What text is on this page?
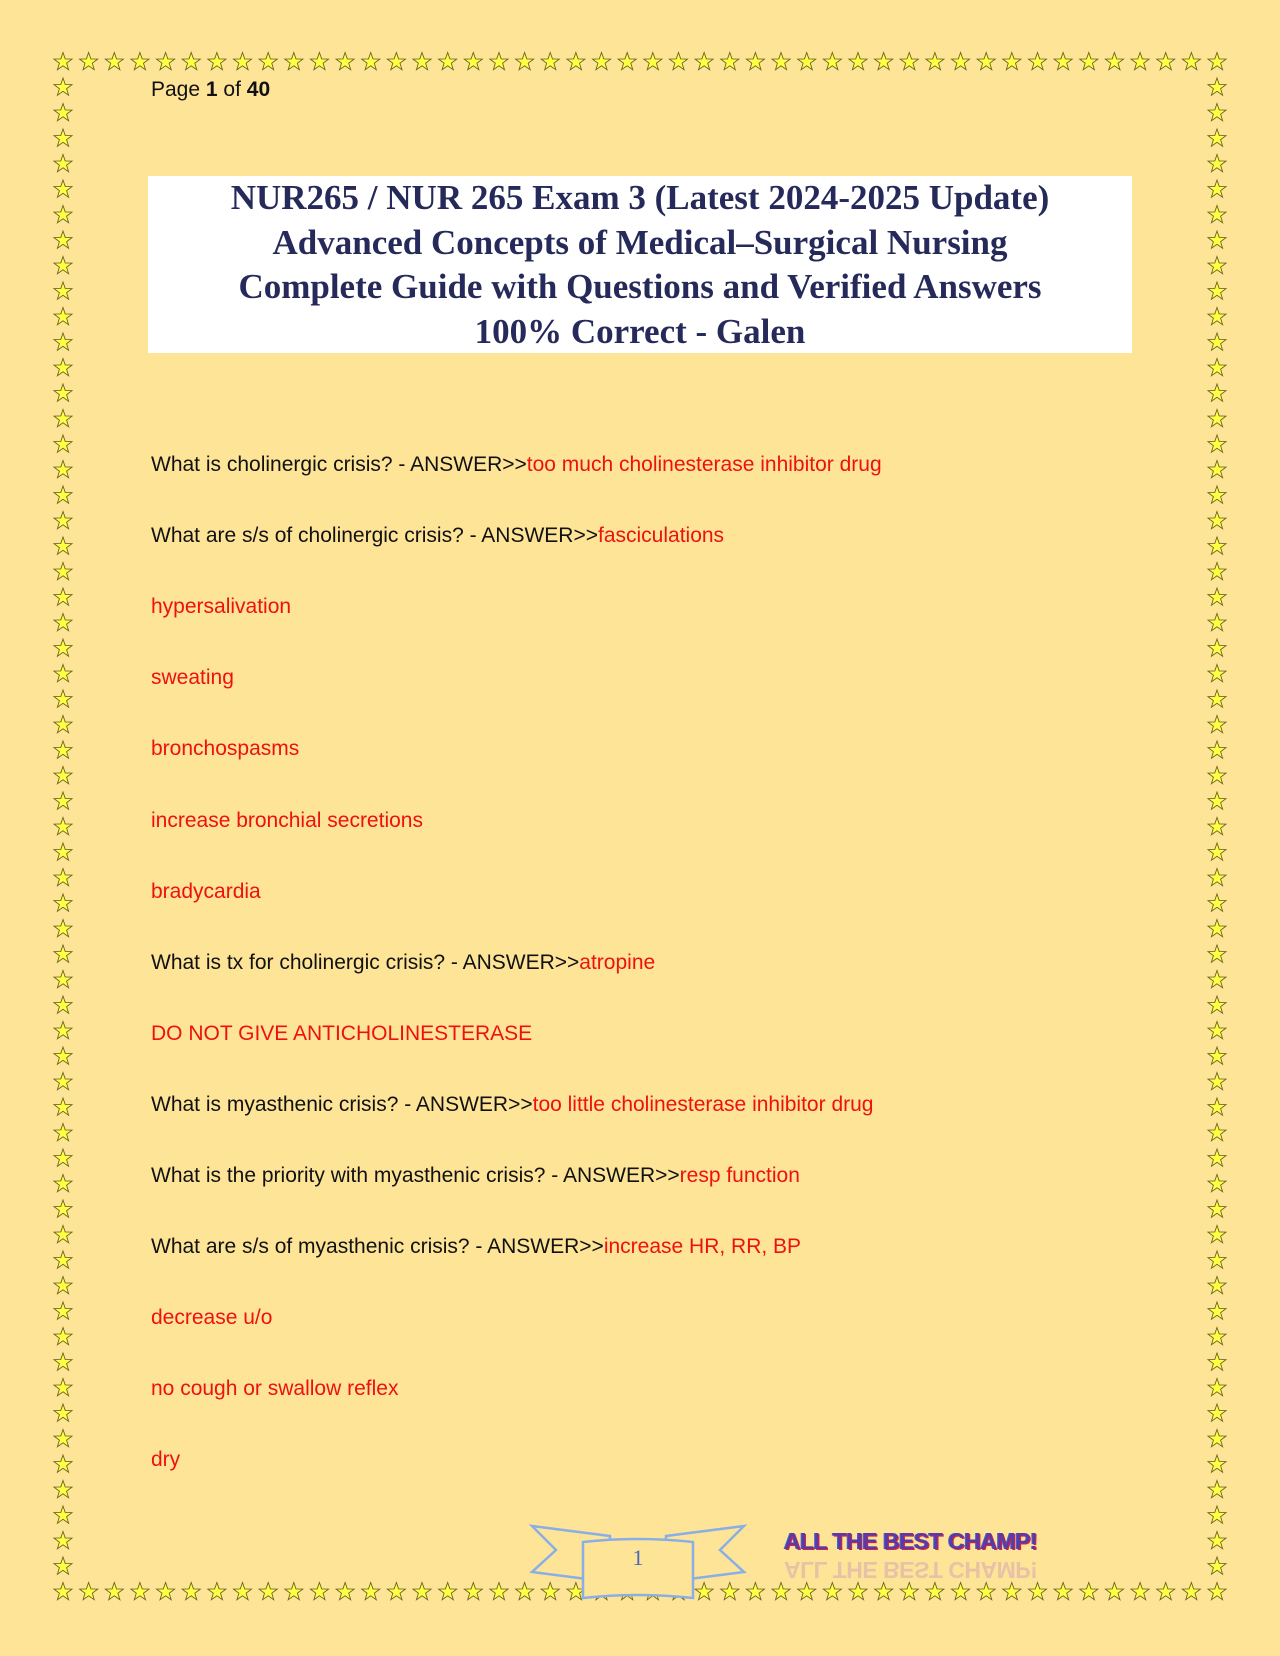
Page 1 of 40
NUR265 / NUR 265 Exam 3 (Latest 2024-2025 Update)
Advanced Concepts of Medical–Surgical Nursing
Complete Guide with Questions and Verified Answers
100% Correct - Galen
What is cholinergic crisis? - ANSWER>>too much cholinesterase inhibitor drug
What are s/s of cholinergic crisis? - ANSWER>>fasciculations
hypersalivation
sweating
bronchospasms
increase bronchial secretions
bradycardia
What is tx for cholinergic crisis? - ANSWER>>atropine
DO NOT GIVE ANTICHOLINESTERASE
What is myasthenic crisis? - ANSWER>>too little cholinesterase inhibitor drug
What is the priority with myasthenic crisis? - ANSWER>>resp function
What are s/s of myasthenic crisis? - ANSWER>>increase HR, RR, BP
decrease u/o
no cough or swallow reflex
dry
1
ALL THE BEST CHAMP!
ALL THE BEST CHAMP!
